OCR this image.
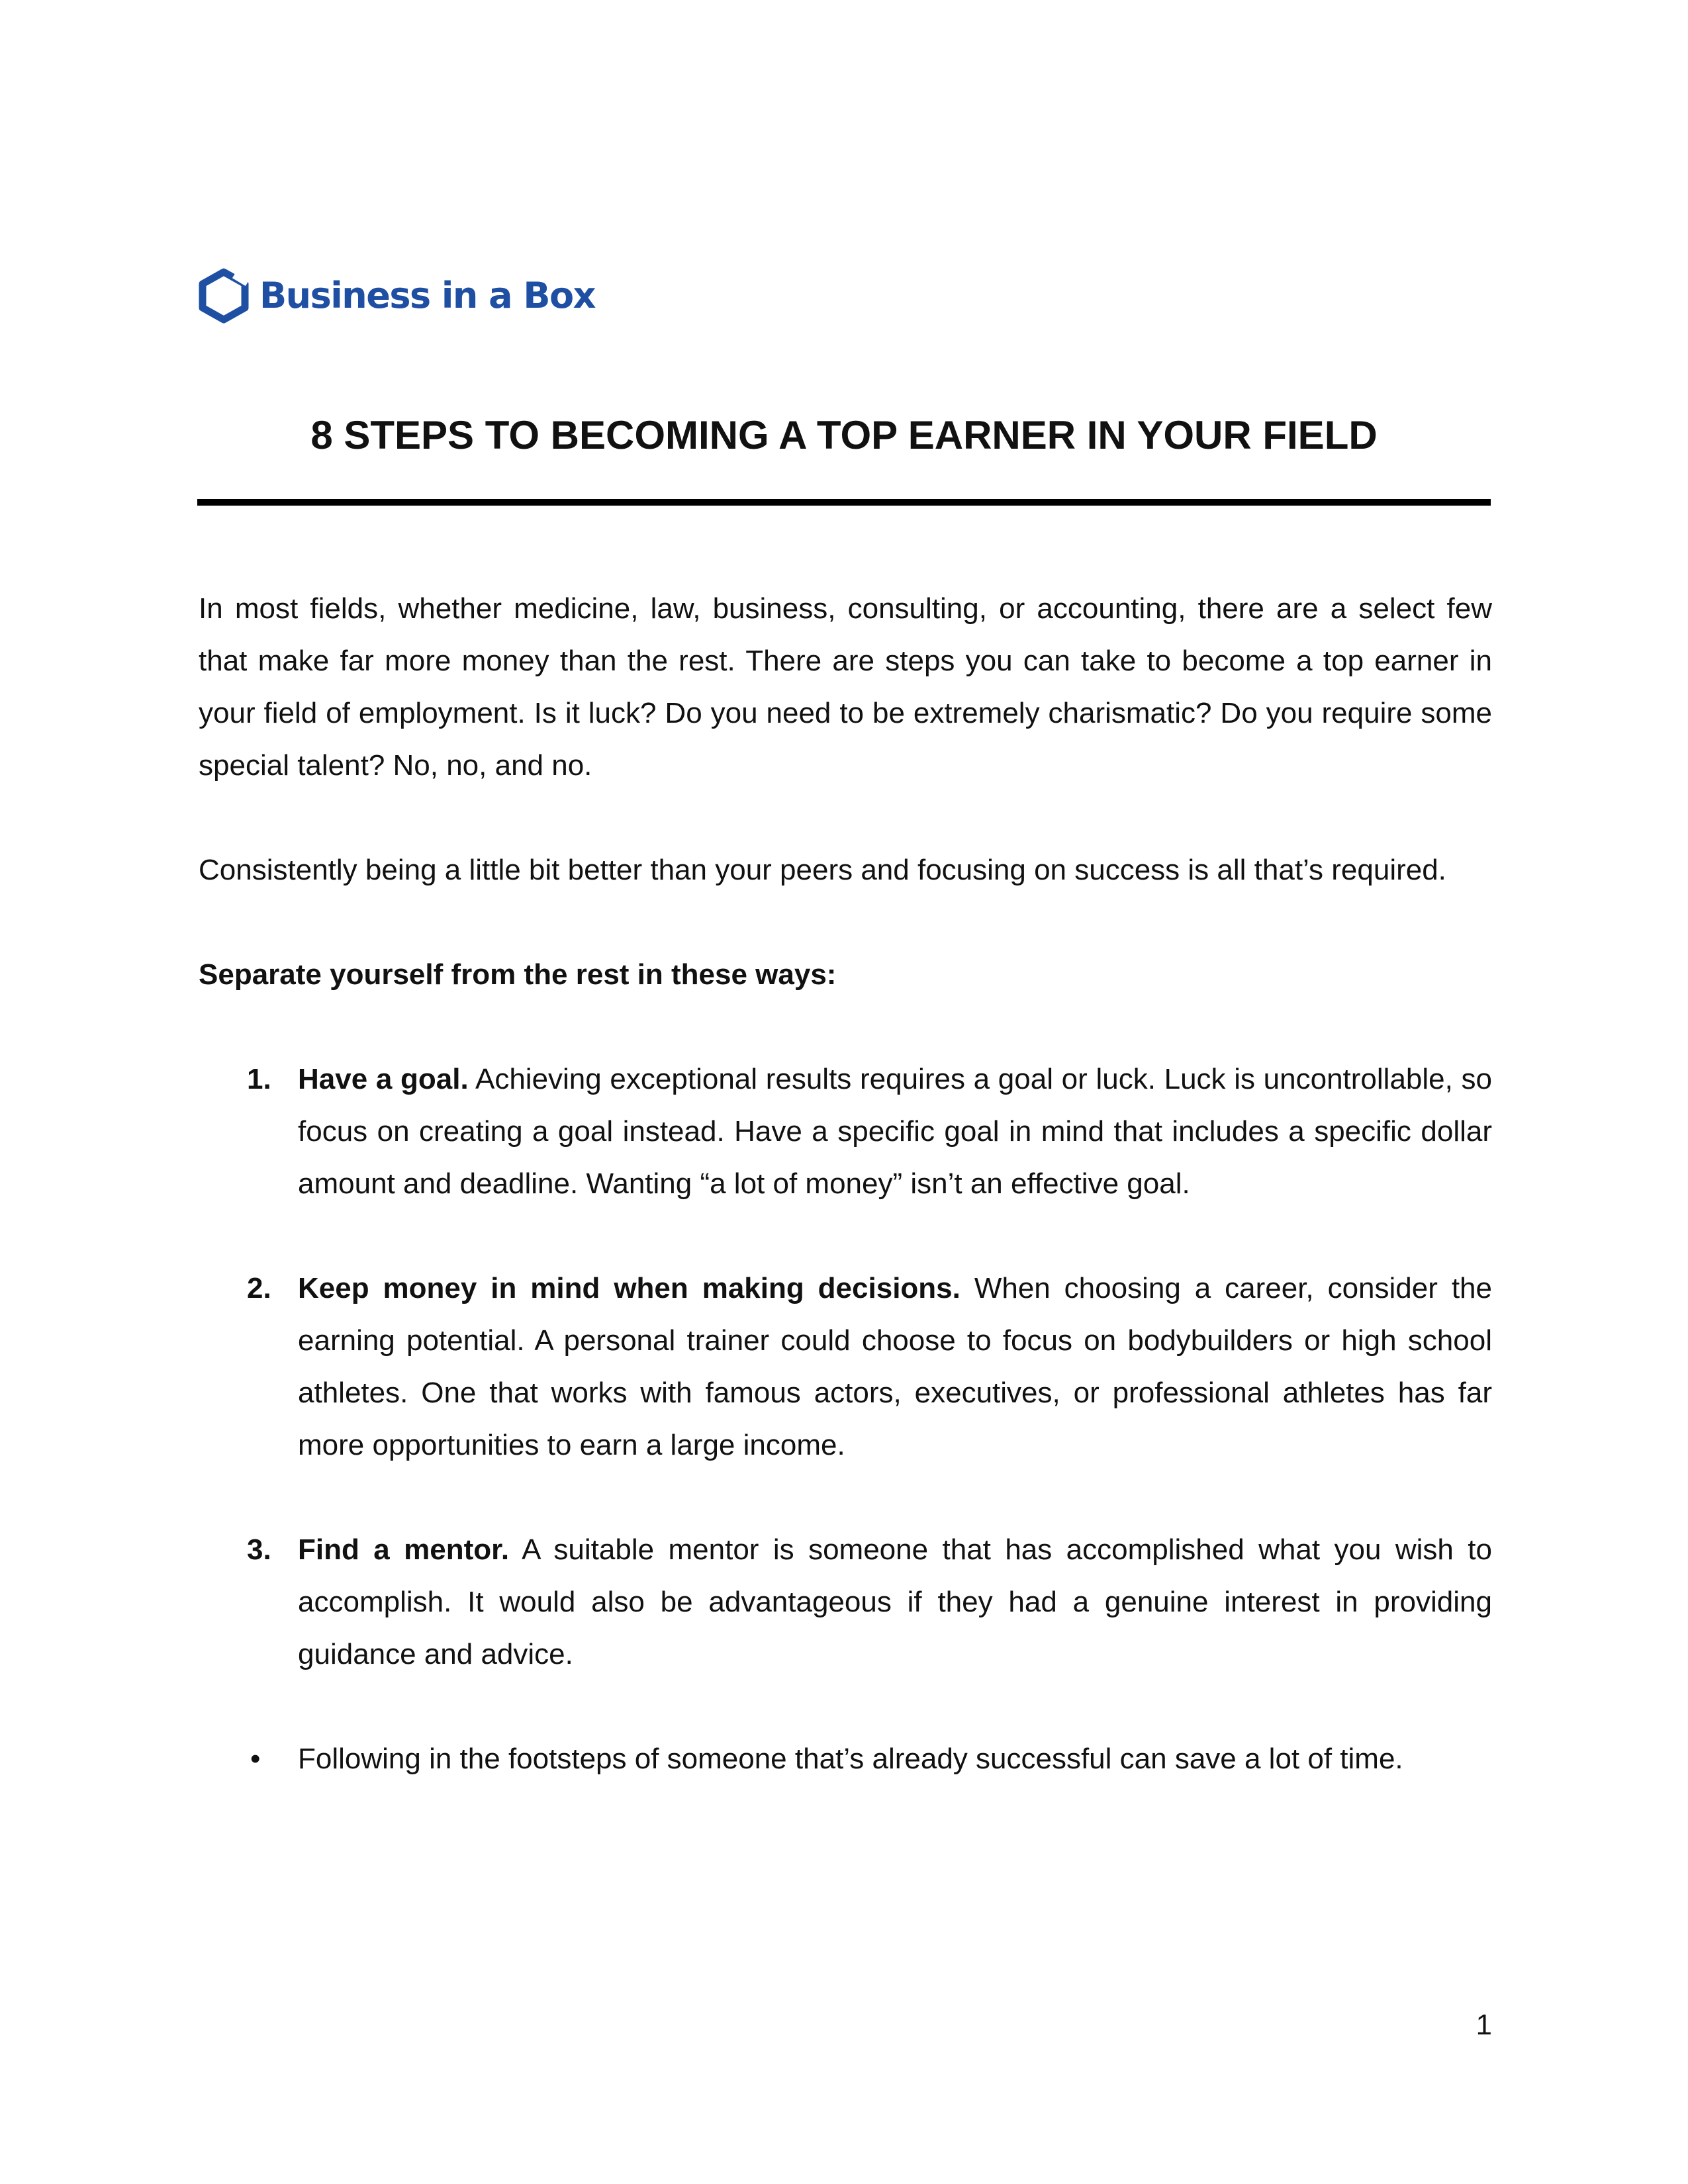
Business in a Box
8 STEPS TO BECOMING A TOP EARNER IN YOUR FIELD

In most fields, whether medicine, law, business, consulting, or accounting, there are a select few that make far more money than the rest. There are steps you can take to become a top earner in your field of employment. Is it luck? Do you need to be extremely charismatic? Do you require some special talent? No, no, and no.

Consistently being a little bit better than your peers and focusing on success is all that’s required.

Separate yourself from the rest in these ways:

1. Have a goal. Achieving exceptional results requires a goal or luck. Luck is uncontrollable, so focus on creating a goal instead. Have a specific goal in mind that includes a specific dollar amount and deadline. Wanting “a lot of money” isn’t an effective goal.
2. Keep money in mind when making decisions. When choosing a career, consider the earning potential. A personal trainer could choose to focus on bodybuilders or high school athletes. One that works with famous actors, executives, or professional athletes has far more opportunities to earn a large income.
3. Find a mentor. A suitable mentor is someone that has accomplished what you wish to accomplish. It would also be advantageous if they had a genuine interest in providing guidance and advice.
• Following in the footsteps of someone that’s already successful can save a lot of time.
1
